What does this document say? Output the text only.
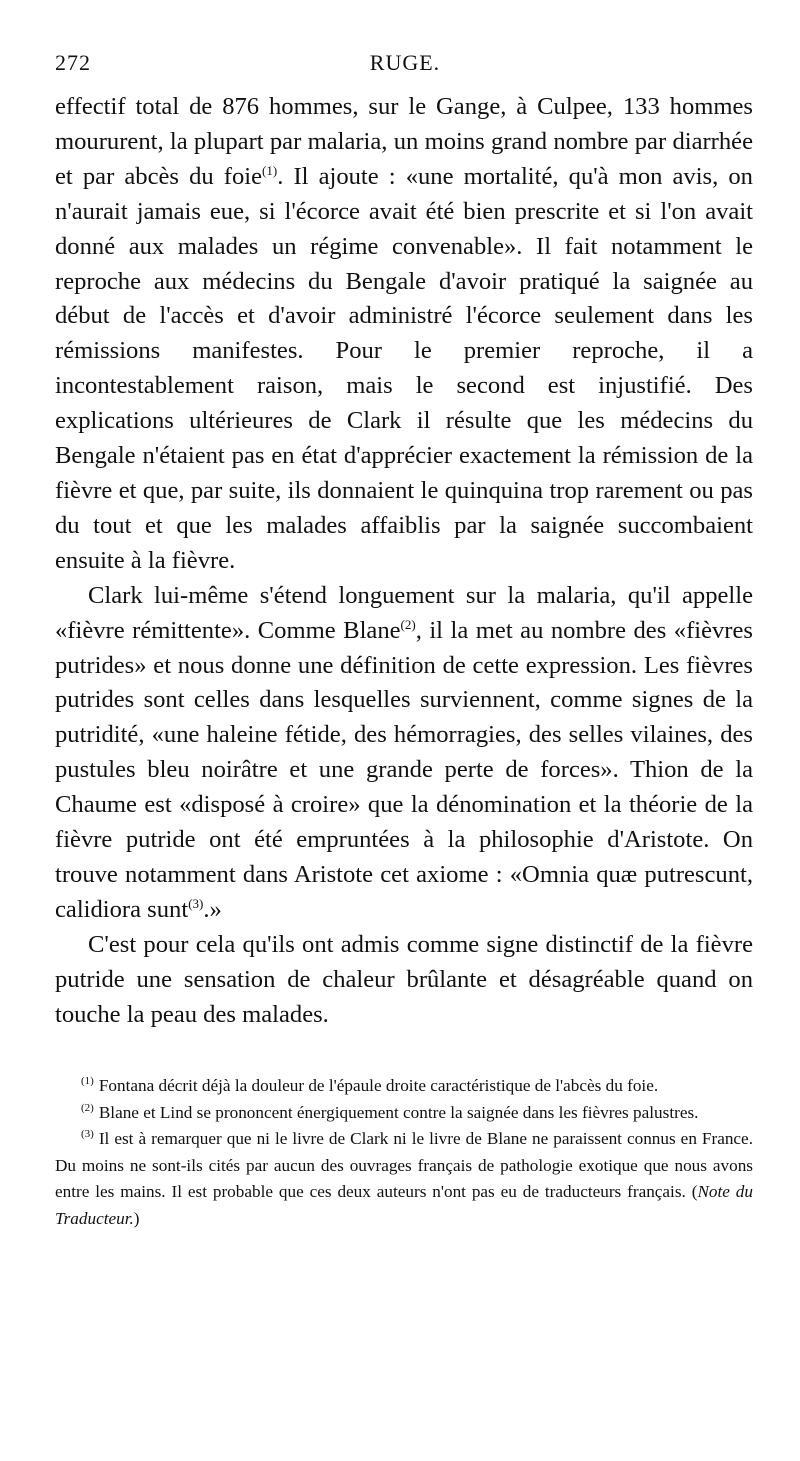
272	RUGE.

effectif total de 876 hommes, sur le Gange, à Culpee, 133 hommes moururent, la plupart par malaria, un moins grand nombre par diarrhée et par abcès du foie$^{(1)}$. Il ajoute : «une mortalité, qu'à mon avis, on n'aurait jamais eue, si l'écorce avait été bien prescrite et si l'on avait donné aux malades un régime convenable». Il fait notamment le reproche aux médecins du Bengale d'avoir pratiqué la saignée au début de l'accès et d'avoir administré l'écorce seulement dans les rémissions manifestes. Pour le premier reproche, il a incontestablement raison, mais le second est injustifié. Des explications ultérieures de Clark il résulte que les médecins du Bengale n'étaient pas en état d'apprécier exactement la rémission de la fièvre et que, par suite, ils donnaient le quinquina trop rarement ou pas du tout et que les malades affaiblis par la saignée succombaient ensuite à la fièvre.

Clark lui-même s'étend longuement sur la malaria, qu'il appelle «fièvre rémittente». Comme Blane$^{(2)}$, il la met au nombre des «fièvres putrides» et nous donne une définition de cette expression. Les fièvres putrides sont celles dans lesquelles surviennent, comme signes de la putridité, «une haleine fétide, des hémorragies, des selles vilaines, des pustules bleu noirâtre et une grande perte de forces». Thion de la Chaume est «disposé à croire» que la dénomination et la théorie de la fièvre putride ont été empruntées à la philosophie d'Aristote. On trouve notamment dans Aristote cet axiome : «Omnia quæ putrescunt, calidiora sunt$^{(3)}$.»

C'est pour cela qu'ils ont admis comme signe distinctif de la fièvre putride une sensation de chaleur brûlante et désagréable quand on touche la peau des malades.

$^{(1)}$ Fontana décrit déjà la douleur de l'épaule droite caractéristique de l'abcès du foie.

$^{(2)}$ Blane et Lind se prononcent énergiquement contre la saignée dans les fièvres palustres.

$^{(3)}$ Il est à remarquer que ni le livre de Clark ni le livre de Blane ne paraissent connus en France. Du moins ne sont-ils cités par aucun des ouvrages français de pathologie exotique que nous avons entre les mains. Il est probable que ces deux auteurs n'ont pas eu de traducteurs français. (Note du Traducteur.)
